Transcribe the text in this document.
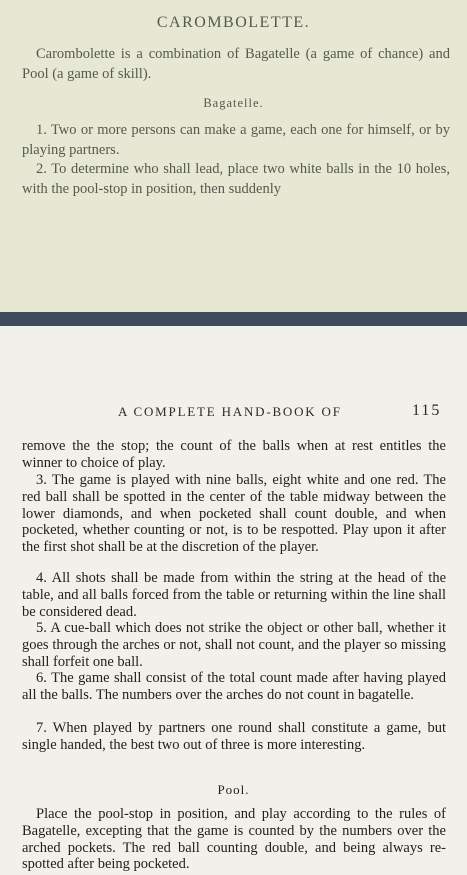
CAROMBOLETTE.
Carombolette is a combination of Bagatelle (a game of chance) and Pool (a game of skill).
Bagatelle.
1. Two or more persons can make a game, each one for himself, or by playing partners.
2. To determine who shall lead, place two white balls in the 10 holes, with the pool-stop in position, then suddenly
A COMPLETE HAND-BOOK OF	115
remove the the stop; the count of the balls when at rest entitles the winner to choice of play.
3. The game is played with nine balls, eight white and one red. The red ball shall be spotted in the center of the table midway between the lower diamonds, and when pocketed shall count double, and when pocketed, whether counting or not, is to be respotted. Play upon it after the first shot shall be at the discretion of the player.
4. All shots shall be made from within the string at the head of the table, and all balls forced from the table or returning within the line shall be considered dead.
5. A cue-ball which does not strike the object or other ball, whether it goes through the arches or not, shall not count, and the player so missing shall forfeit one ball.
6. The game shall consist of the total count made after having played all the balls. The numbers over the arches do not count in bagatelle.
7. When played by partners one round shall constitute a game, but single handed, the best two out of three is more interesting.
Pool.
Place the pool-stop in position, and play according to the rules of Bagatelle, excepting that the game is counted by the numbers over the arched pockets. The red ball counting double, and being always re-spotted after being pocketed.
